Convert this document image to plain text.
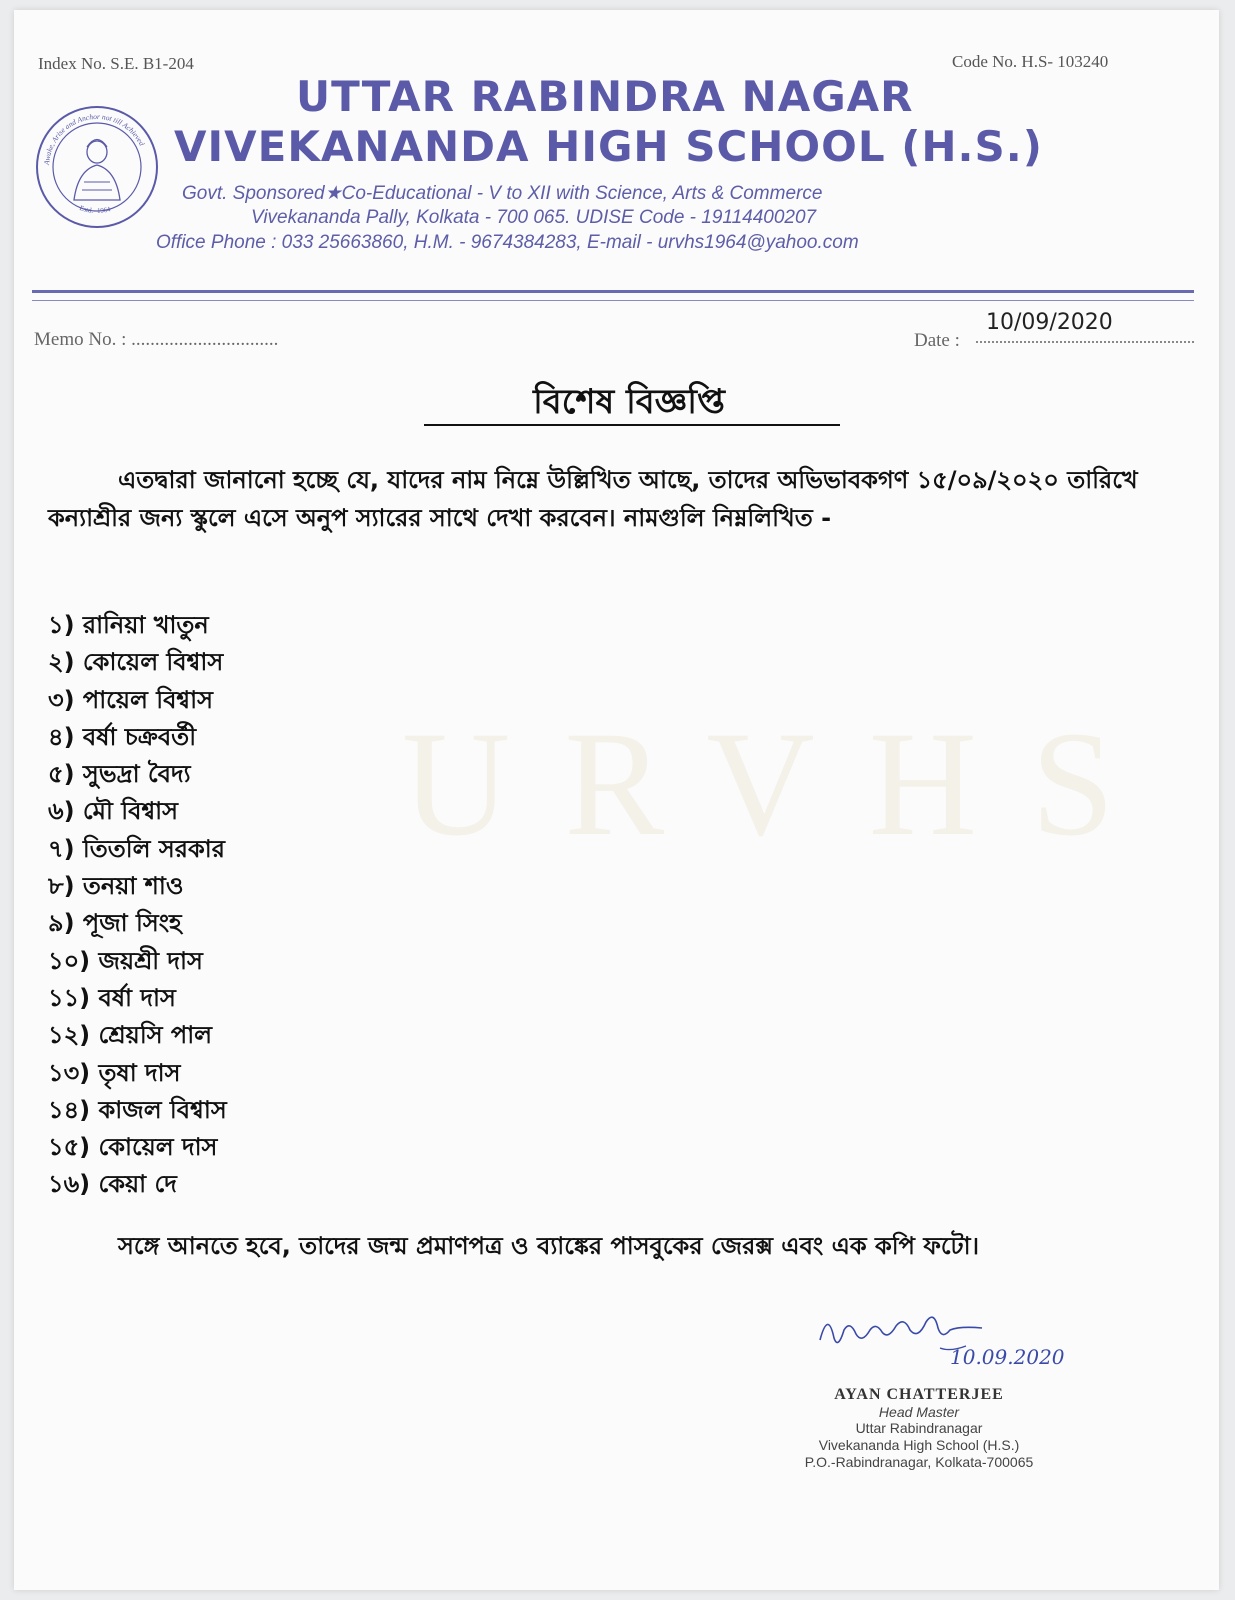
URVHS
Index No. S.E. B1-204	Code No. H.S- 103240
Awake, Arise and Anchor not till Achieved
Estd.- 1964
UTTAR RABINDRA NAGAR
VIVEKANANDA HIGH SCHOOL (H.S.)
Govt. Sponsored★Co-Educational - V to XII with Science, Arts & Commerce
Vivekananda Pally, Kolkata - 700 065. UDISE Code - 19114400207
Office Phone : 033 25663860, H.M. - 9674384283, E-mail - urvhs1964@yahoo.com
Memo No. : ...............................	Date :
10/09/2020
বিশেষ বিজ্ঞপ্তি
এতদ্বারা জানানো হচ্ছে যে, যাদের নাম নিম্নে উল্লিখিত আছে, তাদের অভিভাবকগণ ১৫/০৯/২০২০ তারিখে কন্যাশ্রীর জন্য স্কুলে এসে অনুপ স্যারের সাথে দেখা করবেন। নামগুলি নিম্নলিখিত -
১) রানিয়া খাতুন
২) কোয়েল বিশ্বাস
৩) পায়েল বিশ্বাস
৪) বর্ষা চক্রবর্তী
৫) সুভদ্রা বৈদ্য
৬) মৌ বিশ্বাস
৭) তিতলি সরকার
৮) তনয়া শাও
৯) পূজা সিংহ
১০) জয়শ্রী দাস
১১) বর্ষা দাস
১২) শ্রেয়সি পাল
১৩) তৃষা দাস
১৪) কাজল বিশ্বাস
১৫) কোয়েল দাস
১৬) কেয়া দে
সঙ্গে আনতে হবে, তাদের জন্ম প্রমাণপত্র ও ব্যাঙ্কের পাসবুকের জেরক্স এবং এক কপি ফটো।
10.09.2020
AYAN CHATTERJEE
Head Master
Uttar Rabindranagar
Vivekananda High School (H.S.)
P.O.-Rabindranagar, Kolkata-700065
